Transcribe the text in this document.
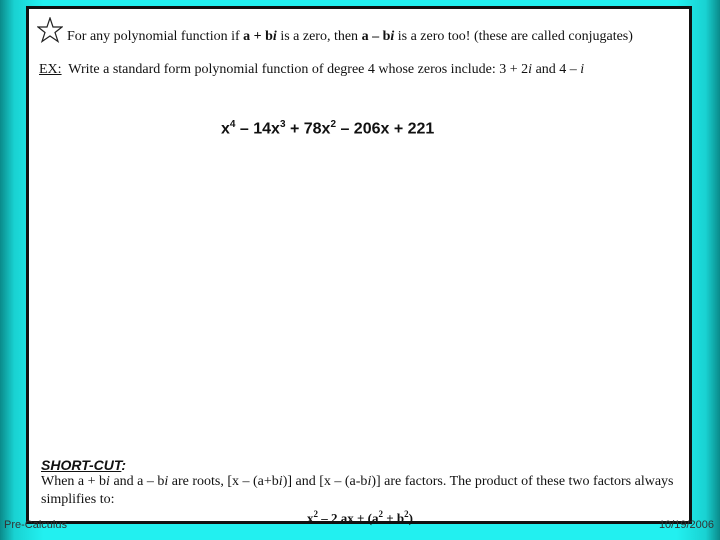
For any polynomial function if a + bi is a zero, then a – bi is a zero too! (these are called conjugates)
EX:  Write a standard form polynomial function of degree 4 whose zeros include: 3 + 2i and 4 – i
$x^4 - 14x^3 + 78x^2 - 206x + 221$
SHORT-CUT:
When a + bi and a – bi are roots, [x – (a+bi)] and [x – (a-bi)] are factors. The product of these two factors always simplifies to:
$x^2 - 2$ ax + $(a^2 + b^2)$
Pre-Calculus	10/19/2006
